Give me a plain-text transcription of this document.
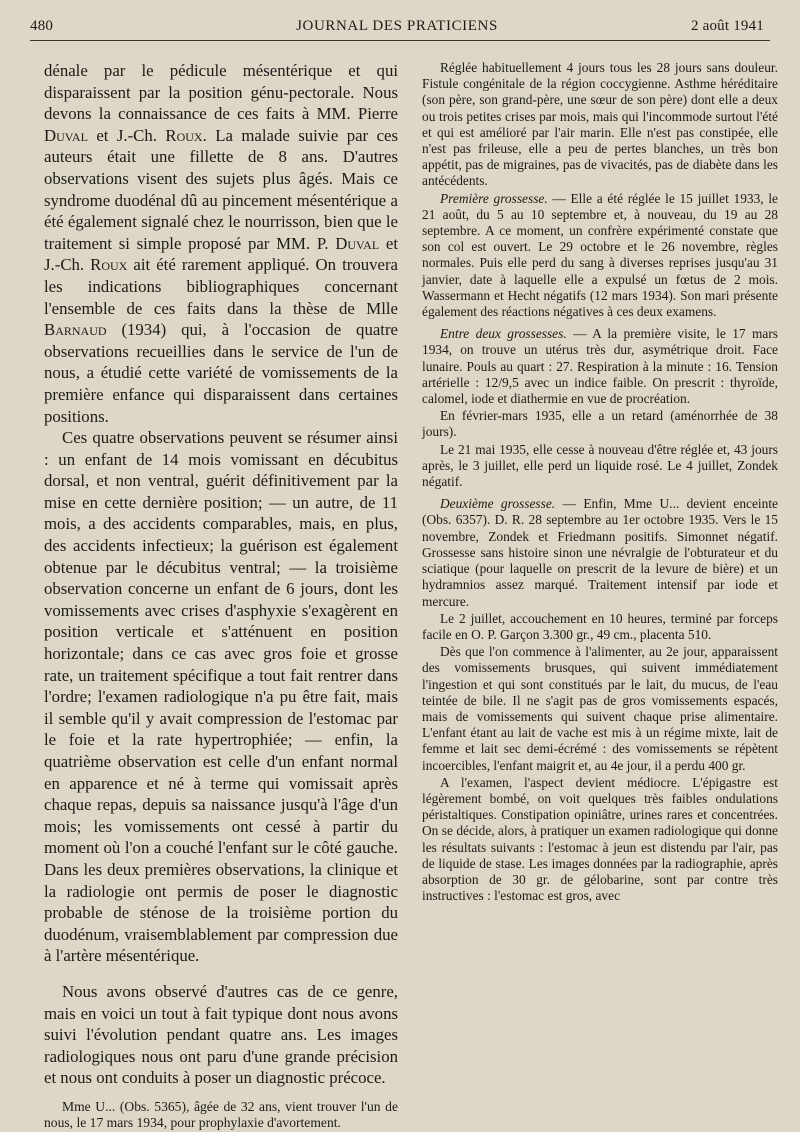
480	JOURNAL DES PRATICIENS	2 août 1941

dénale par le pédicule mésentérique et qui disparaissent par la position génu-pectorale. Nous devons la connaissance de ces faits à MM. Pierre Duval et J.-Ch. Roux. La malade suivie par ces auteurs était une fillette de 8 ans. D'autres observations visent des sujets plus âgés. Mais ce syndrome duodénal dû au pincement mésentérique a été également signalé chez le nourrisson, bien que le traitement si simple proposé par MM. P. Duval et J.-Ch. Roux ait été rarement appliqué. On trouvera les indications bibliographiques concernant l'ensemble de ces faits dans la thèse de Mlle Barnaud (1934) qui, à l'occasion de quatre observations recueillies dans le service de l'un de nous, a étudié cette variété de vomissements de la première enfance qui disparaissent dans certaines positions.

Ces quatre observations peuvent se résumer ainsi : un enfant de 14 mois vomissant en décubitus dorsal, et non ventral, guérit définitivement par la mise en cette dernière position; — un autre, de 11 mois, a des accidents comparables, mais, en plus, des accidents infectieux; la guérison est également obtenue par le décubitus ventral; — la troisième observation concerne un enfant de 6 jours, dont les vomissements avec crises d'asphyxie s'exagèrent en position verticale et s'atténuent en position horizontale; dans ce cas avec gros foie et grosse rate, un traitement spécifique a tout fait rentrer dans l'ordre; l'examen radiologique n'a pu être fait, mais il semble qu'il y avait compression de l'estomac par le foie et la rate hypertrophiée; — enfin, la quatrième observation est celle d'un enfant normal en apparence et né à terme qui vomissait après chaque repas, depuis sa naissance jusqu'à l'âge d'un mois; les vomissements ont cessé à partir du moment où l'on a couché l'enfant sur le côté gauche. Dans les deux premières observations, la clinique et la radiologie ont permis de poser le diagnostic probable de sténose de la troisième portion du duodénum, vraisemblablement par compression due à l'artère mésentérique.

Nous avons observé d'autres cas de ce genre, mais en voici un tout à fait typique dont nous avons suivi l'évolution pendant quatre ans. Les images radiologiques nous ont paru d'une grande précision et nous ont conduits à poser un diagnostic précoce.

Mme U... (Obs. 5365), âgée de 32 ans, vient trouver l'un de nous, le 17 mars 1934, pour prophylaxie d'avortement.

Réglée habituellement 4 jours tous les 28 jours sans douleur. Fistule congénitale de la région coccygienne. Asthme héréditaire (son père, son grand-père, une sœur de son père) dont elle a deux ou trois petites crises par mois, mais qui l'incommode surtout l'été et qui est amélioré par l'air marin. Elle n'est pas constipée, elle n'est pas frileuse, elle a peu de pertes blanches, un très bon appétit, pas de migraines, pas de vivacités, pas de diabète dans les antécédents.

Première grossesse. — Elle a été réglée le 15 juillet 1933, le 21 août, du 5 au 10 septembre et, à nouveau, du 19 au 28 septembre. A ce moment, un confrère expérimenté constate que son col est ouvert. Le 29 octobre et le 26 novembre, règles normales. Puis elle perd du sang à diverses reprises jusqu'au 31 janvier, date à laquelle elle a expulsé un fœtus de 2 mois. Wassermann et Hecht négatifs (12 mars 1934). Son mari présente également des réactions négatives à ces deux examens.

Entre deux grossesses. — A la première visite, le 17 mars 1934, on trouve un utérus très dur, asymétrique droit. Face lunaire. Pouls au quart : 27. Respiration à la minute : 16. Tension artérielle : 12/9,5 avec un indice faible. On prescrit : thyroïde, calomel, iode et diathermie en vue de procréation.

En février-mars 1935, elle a un retard (aménorrhée de 38 jours).

Le 21 mai 1935, elle cesse à nouveau d'être réglée et, 43 jours après, le 3 juillet, elle perd un liquide rosé. Le 4 juillet, Zondek négatif.

Deuxième grossesse. — Enfin, Mme U... devient enceinte (Obs. 6357). D. R. 28 septembre au 1er octobre 1935. Vers le 15 novembre, Zondek et Friedmann positifs. Simonnet négatif. Grossesse sans histoire sinon une névralgie de l'obturateur et du sciatique (pour laquelle on prescrit de la levure de bière) et un hydramnios assez marqué. Traitement intensif par iode et mercure.

Le 2 juillet, accouchement en 10 heures, terminé par forceps facile en O. P. Garçon 3.300 gr., 49 cm., placenta 510.

Dès que l'on commence à l'alimenter, au 2e jour, apparaissent des vomissements brusques, qui suivent immédiatement l'ingestion et qui sont constitués par le lait, du mucus, de l'eau teintée de bile. Il ne s'agit pas de gros vomissements espacés, mais de vomissements qui suivent chaque prise alimentaire. L'enfant étant au lait de vache est mis à un régime mixte, lait de femme et lait sec demi-écrémé : des vomissements se répètent incoercibles, l'enfant maigrit et, au 4e jour, il a perdu 400 gr.

A l'examen, l'aspect devient médiocre. L'épigastre est légèrement bombé, on voit quelques très faibles ondulations péristaltiques. Constipation opiniâtre, urines rares et concentrées. On se décide, alors, à pratiquer un examen radiologique qui donne les résultats suivants : l'estomac à jeun est distendu par l'air, pas de liquide de stase. Les images données par la radiographie, après absorption de 30 gr. de gélobarine, sont par contre très instructives : l'estomac est gros, avec
